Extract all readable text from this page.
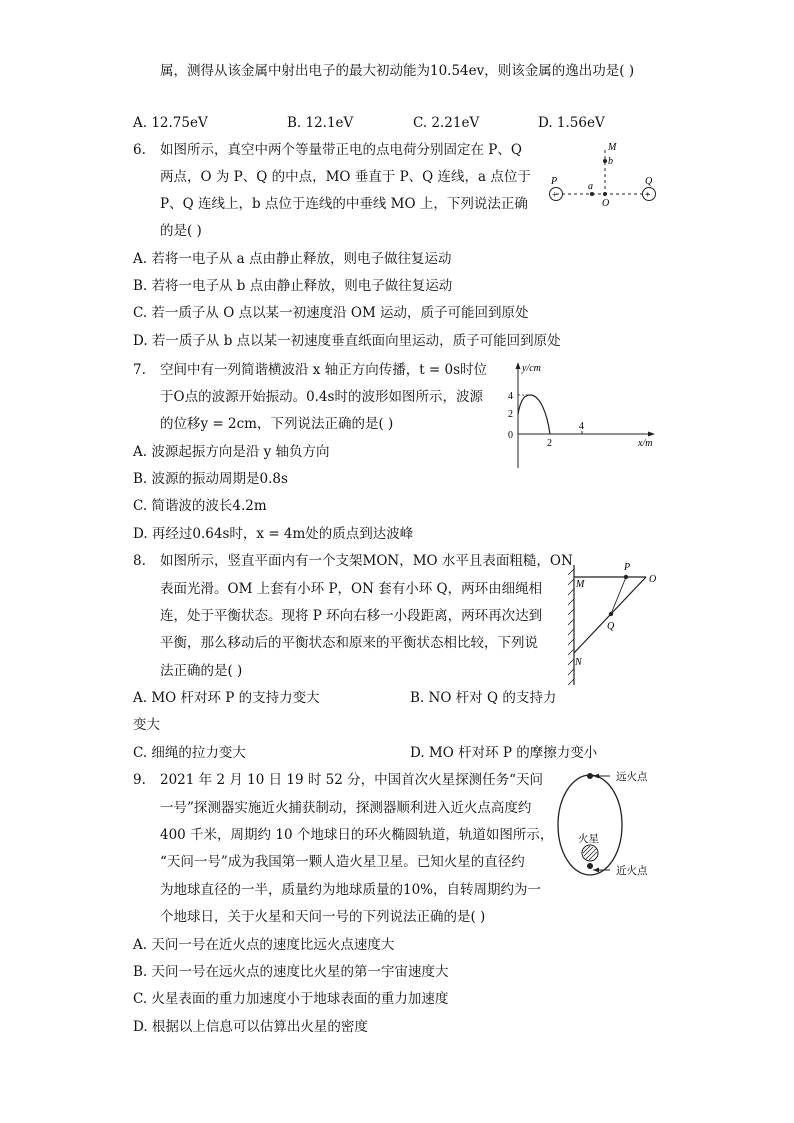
属，测得从该金属中射出电子的最大初动能为10.54ev，则该金属的逸出功是( )
A. 12.75eV	B. 12.1eV	C. 2.21eV	D. 1.56eV
6. 如图所示，真空中两个等量带正电的点电荷分别固定在 P、Q
两点，O 为 P、Q 的中点，MO 垂直于 P、Q 连线，a 点位于
P、Q 连线上，b 点位于连线的中垂线 MO 上，下列说法正确
的是( )
A. 若将一电子从 a 点由静止释放，则电子做往复运动
B. 若将一电子从 b 点由静止释放，则电子做往复运动
C. 若一质子从 O 点以某一初速度沿 OM 运动，质子可能回到原处
D. 若一质子从 b 点以某一初速度垂直纸面向里运动，质子可能回到原处
+	+
P	Q
a
O
b
M
7. 空间中有一列简谐横波沿 x 轴正方向传播，t = 0s时位
于O点的波源开始振动。0.4s时的波形如图所示，波源
的位移y = 2cm，下列说法正确的是( )
A. 波源起振方向是沿 y 轴负方向
B. 波源的振动周期是0.8s
C. 简谐波的波长4.2m
D. 再经过0.64s时，x = 4m处的质点到达波峰
y/cm
x/m
4
2
0
2
4
8. 如图所示，竖直平面内有一个支架MON，MO 水平且表面粗糙，ON
表面光滑。OM 上套有小环 P，ON 套有小环 Q，两环由细绳相
连，处于平衡状态。现将 P 环向右移一小段距离，两环再次达到
平衡，那么移动后的平衡状态和原来的平衡状态相比较，下列说
法正确的是( )
A. MO 杆对环 P 的支持力变大	B. NO 杆对 Q 的支持力
变大
C. 细绳的拉力变大	D. MO 杆对环 P 的摩擦力变小
M
P
O
Q
N
9. 2021 年 2 月 10 日 19 时 52 分，中国首次火星探测任务“天问
一号”探测器实施近火捕获制动，探测器顺利进入近火点高度约
400 千米，周期约 10 个地球日的环火椭圆轨道，轨道如图所示，
“天问一号”成为我国第一颗人造火星卫星。已知火星的直径约
为地球直径的一半，质量约为地球质量的10%，自转周期约为一
个地球日，关于火星和天问一号的下列说法正确的是( )
A. 天问一号在近火点的速度比远火点速度大
B. 天问一号在远火点的速度比火星的第一宇宙速度大
C. 火星表面的重力加速度小于地球表面的重力加速度
D. 根据以上信息可以估算出火星的密度
火星
远火点
近火点
